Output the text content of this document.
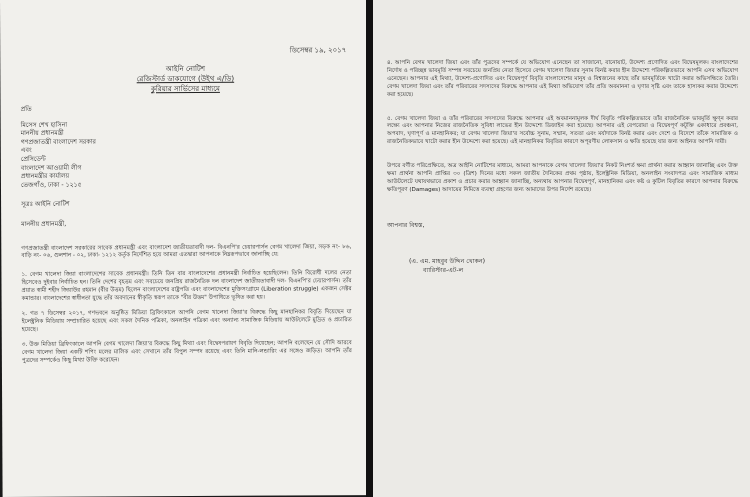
ডিসেম্বর ১৯, ২০১৭
আইনি নোটিশ
রেজিস্টার্ড ডাকযোগে (উইথ এ/ডি)
কুরিয়ার সার্ভিসের মাধ্যমে
প্রতি
মিসেস শেখ হাসিনা
মাননীয় প্রধানমন্ত্রী
গণপ্রজাতন্ত্রী বাংলাদেশ সরকার
এবং
প্রেসিডেন্ট
বাংলাদেশ আওয়ামী লীগ
প্রধানমন্ত্রীর কার্যালয়
তেজগাঁও, ঢাকা - ১২১৫
সূত্রঃ আইনি নোটিশ
মাননীয় প্রধানমন্ত্রী,

গণপ্রজাতন্ত্রী বাংলাদেশ সরকারের সাবেক প্রধানমন্ত্রী এবং বাংলাদেশ জাতীয়তাবাদী দল- বিএনপি'র চেয়ারপার্সন বেগম খালেদা জিয়া, সড়ক নং- ৮৬, বাড়ি নং- ০৬, গুলশান - ০২, ঢাকা- ১২১২ কর্তৃক নির্দেশিত হয়ে আমরা এতদ্বারা আপনাকে নিম্নরূপভাবে জানাচ্ছি যে:

১. বেগম খালেদা জিয়া বাংলাদেশের সাবেক প্রধানমন্ত্রী। তিনি তিন বার বাংলাদেশের প্রধানমন্ত্রী নির্বাচিত হয়েছিলেন। তিনি বিরোধী দলের নেতা হিসেবেও দুইবার নির্বাচিত হন। তিনি দেশের বৃহত্তম এবং সবচেয়ে জনপ্রিয় রাজনৈতিক দল বাংলাদেশ জাতীয়তাবাদী দল- বিএনপি'র চেয়ারপার্সন। তাঁর প্রয়াত স্বামী শহীদ জিয়াউর রহমান (বীর উত্তম) ছিলেন বাংলাদেশের রাষ্ট্রপতি এবং বাংলাদেশের মুক্তিসংগ্রামে (Liberation struggle) একজন সেক্টর কমান্ডার। বাংলাদেশের স্বাধীনতা যুদ্ধে তাঁর অবদানের স্বীকৃতি স্বরূপ তাকে "বীর উত্তম" উপাধিতে ভূষিত করা হয়।

২. গত ৭ ডিসেম্বর ২০১৭, গণভবনে অনুষ্ঠিত মিডিয়া ব্রিফিংকালে আপনি বেগম খালেদা জিয়া'র বিরুদ্ধে কিছু মানহানিকর বিবৃতি দিয়েছেন যা ইলেক্ট্রনিক মিডিয়ায় সম্প্রচারিত হয়েছে এবং সকল দৈনিক পত্রিকা, অনলাইন পত্রিকা এবং অন্যান্য সামাজিক মিডিয়ায় আউটলেটে মুদ্রিত ও প্রচারিত হয়েছে।

৩. উক্ত মিডিয়া ব্রিফিংকালে আপনি বেগম খালেদা জিয়া'র বিরুদ্ধে কিছু মিথ্যা এবং বিদ্বেষপরায়ণ বিবৃতি দিয়েছেন; আপনি বলেছেন যে সৌদি আরবে বেগম খালেদা জিয়া একটি শপিং মলের মালিক এবং সেখানে তাঁর বিপুল সম্পদ রয়েছে এবং তিনি মানি-লন্ডারিং এর সঙ্গেও জড়িত। আপনি তাঁর পুত্রদের সম্পর্কেও কিছু মিথ্যা উক্তি করেছেন।

৪. আপনি বেগম খালেদা জিয়া এবং তাঁর পুত্রদের সম্পর্কে যে অভিযোগ এনেছেন তা সাজানো, বানোয়াট, উদ্দেশ্য প্রণোদিত এবং বিদ্বেষমূলক। বাংলাদেশের নির্দোষ ও পরিচ্ছন্ন ভাবমূর্তি সম্পন্ন সবচেয়ে জনপ্রিয় নেতা হিসেবে বেগম খালেদা জিয়ার সুনাম বিনষ্ট করার হীন উদ্দেশ্যে পরিকল্পিতভাবে আপনি এসব অভিযোগ এনেছেন। আপনার এই মিথ্যা, উদ্দেশ্য-প্রণোদিত এবং বিদ্বেষপূর্ণ বিবৃতি বাংলাদেশের মানুষ ও বিশ্বজনের কাছে তাঁর ভাবমূর্তিকে খাটো করার অভিসন্ধিতে তৈরি। বেগম খালেদা জিয়া এবং তাঁর পরিবারের সদস্যদের বিরুদ্ধে আপনার এই মিথ্যা অভিযোগ তাঁর প্রতি অবমাননা ও ঘৃণার সৃষ্টি এবং তাকে হাস্যকর করার উদ্দেশ্যে করা হয়েছে।

৫. বেগম খালেদা জিয়া ও তাঁর পরিবারের সদস্যদের বিরুদ্ধে আপনার এই অবমাননামূলক দীর্ঘ বিবৃতি পরিকল্পিতভাবে তাঁর রাজনৈতিক ভাবমূর্তি ক্ষুণ্ন করার লক্ষ্যে এবং আপনার নিজের রাজনৈতিক সুবিধা লাভের হীন উদ্দেশ্যে ডিজাইন করা হয়েছে। আপনার এই বেপরোয়া ও বিদ্বেষপূর্ণ কটূক্তি একাধারে প্রবঞ্চনা, অপবাদ, ঘৃণাপূর্ণ ও মানহানিকর; যা বেগম খালেদা জিয়া'র সর্বোচ্চ সুনাম, সম্মান, সততা এবং মর্যাদাকে বিনষ্ট করার এবং দেশে ও বিদেশে তাঁকে সামাজিক ও রাজনৈতিকভাবে খাটো করার হীন উদ্দেশ্যে করা হয়েছে। এই মানহানিকর বিবৃতির কারণে অপূরণীয় লোকসান ও ক্ষতি হয়েছে যার জন্য আইনত আপনি দায়ী।

উপরে বর্ণীত পরিপ্রেক্ষিতে, অত্র আইনি নোটিশের মাধ্যমে, আমরা আপনাকে বেগম খালেদা জিয়া'র নিকট নিঃশর্ত ক্ষমা প্রার্থনা করার আহ্বান জানাচ্ছি এবং উক্ত ক্ষমা প্রার্থনা আপনি প্রাপ্তির ৩০ (ত্রিশ) দিনের মধ্যে সকল জাতীয় দৈনিকের প্রথম পৃষ্ঠায়, ইলেক্ট্রনিক মিডিয়া, অনলাইন সংবাদপত্র এবং সামাজিক মাধ্যম আউটলেটে যথাযথভাবে প্রকাশ ও প্রচার করার আহ্বান জানাচ্ছি, অন্যথায় আপনার বিদ্বেষপূর্ণ, মানহানিকর এবং কষ্ট ও কুটিল বিবৃতির কারণে আপনার বিরুদ্ধে ক্ষতিপূরণ (Damages) আদায়ের নিমিত্তে ব্যবস্থা গ্রহণের জন্য আমাদের উপর নির্দেশ রয়েছে।

আপনার বিশ্বস্ত,
(এ. এম. মাহবুব উদ্দিন খোকন)
ব্যারিস্টার-এট-ল
